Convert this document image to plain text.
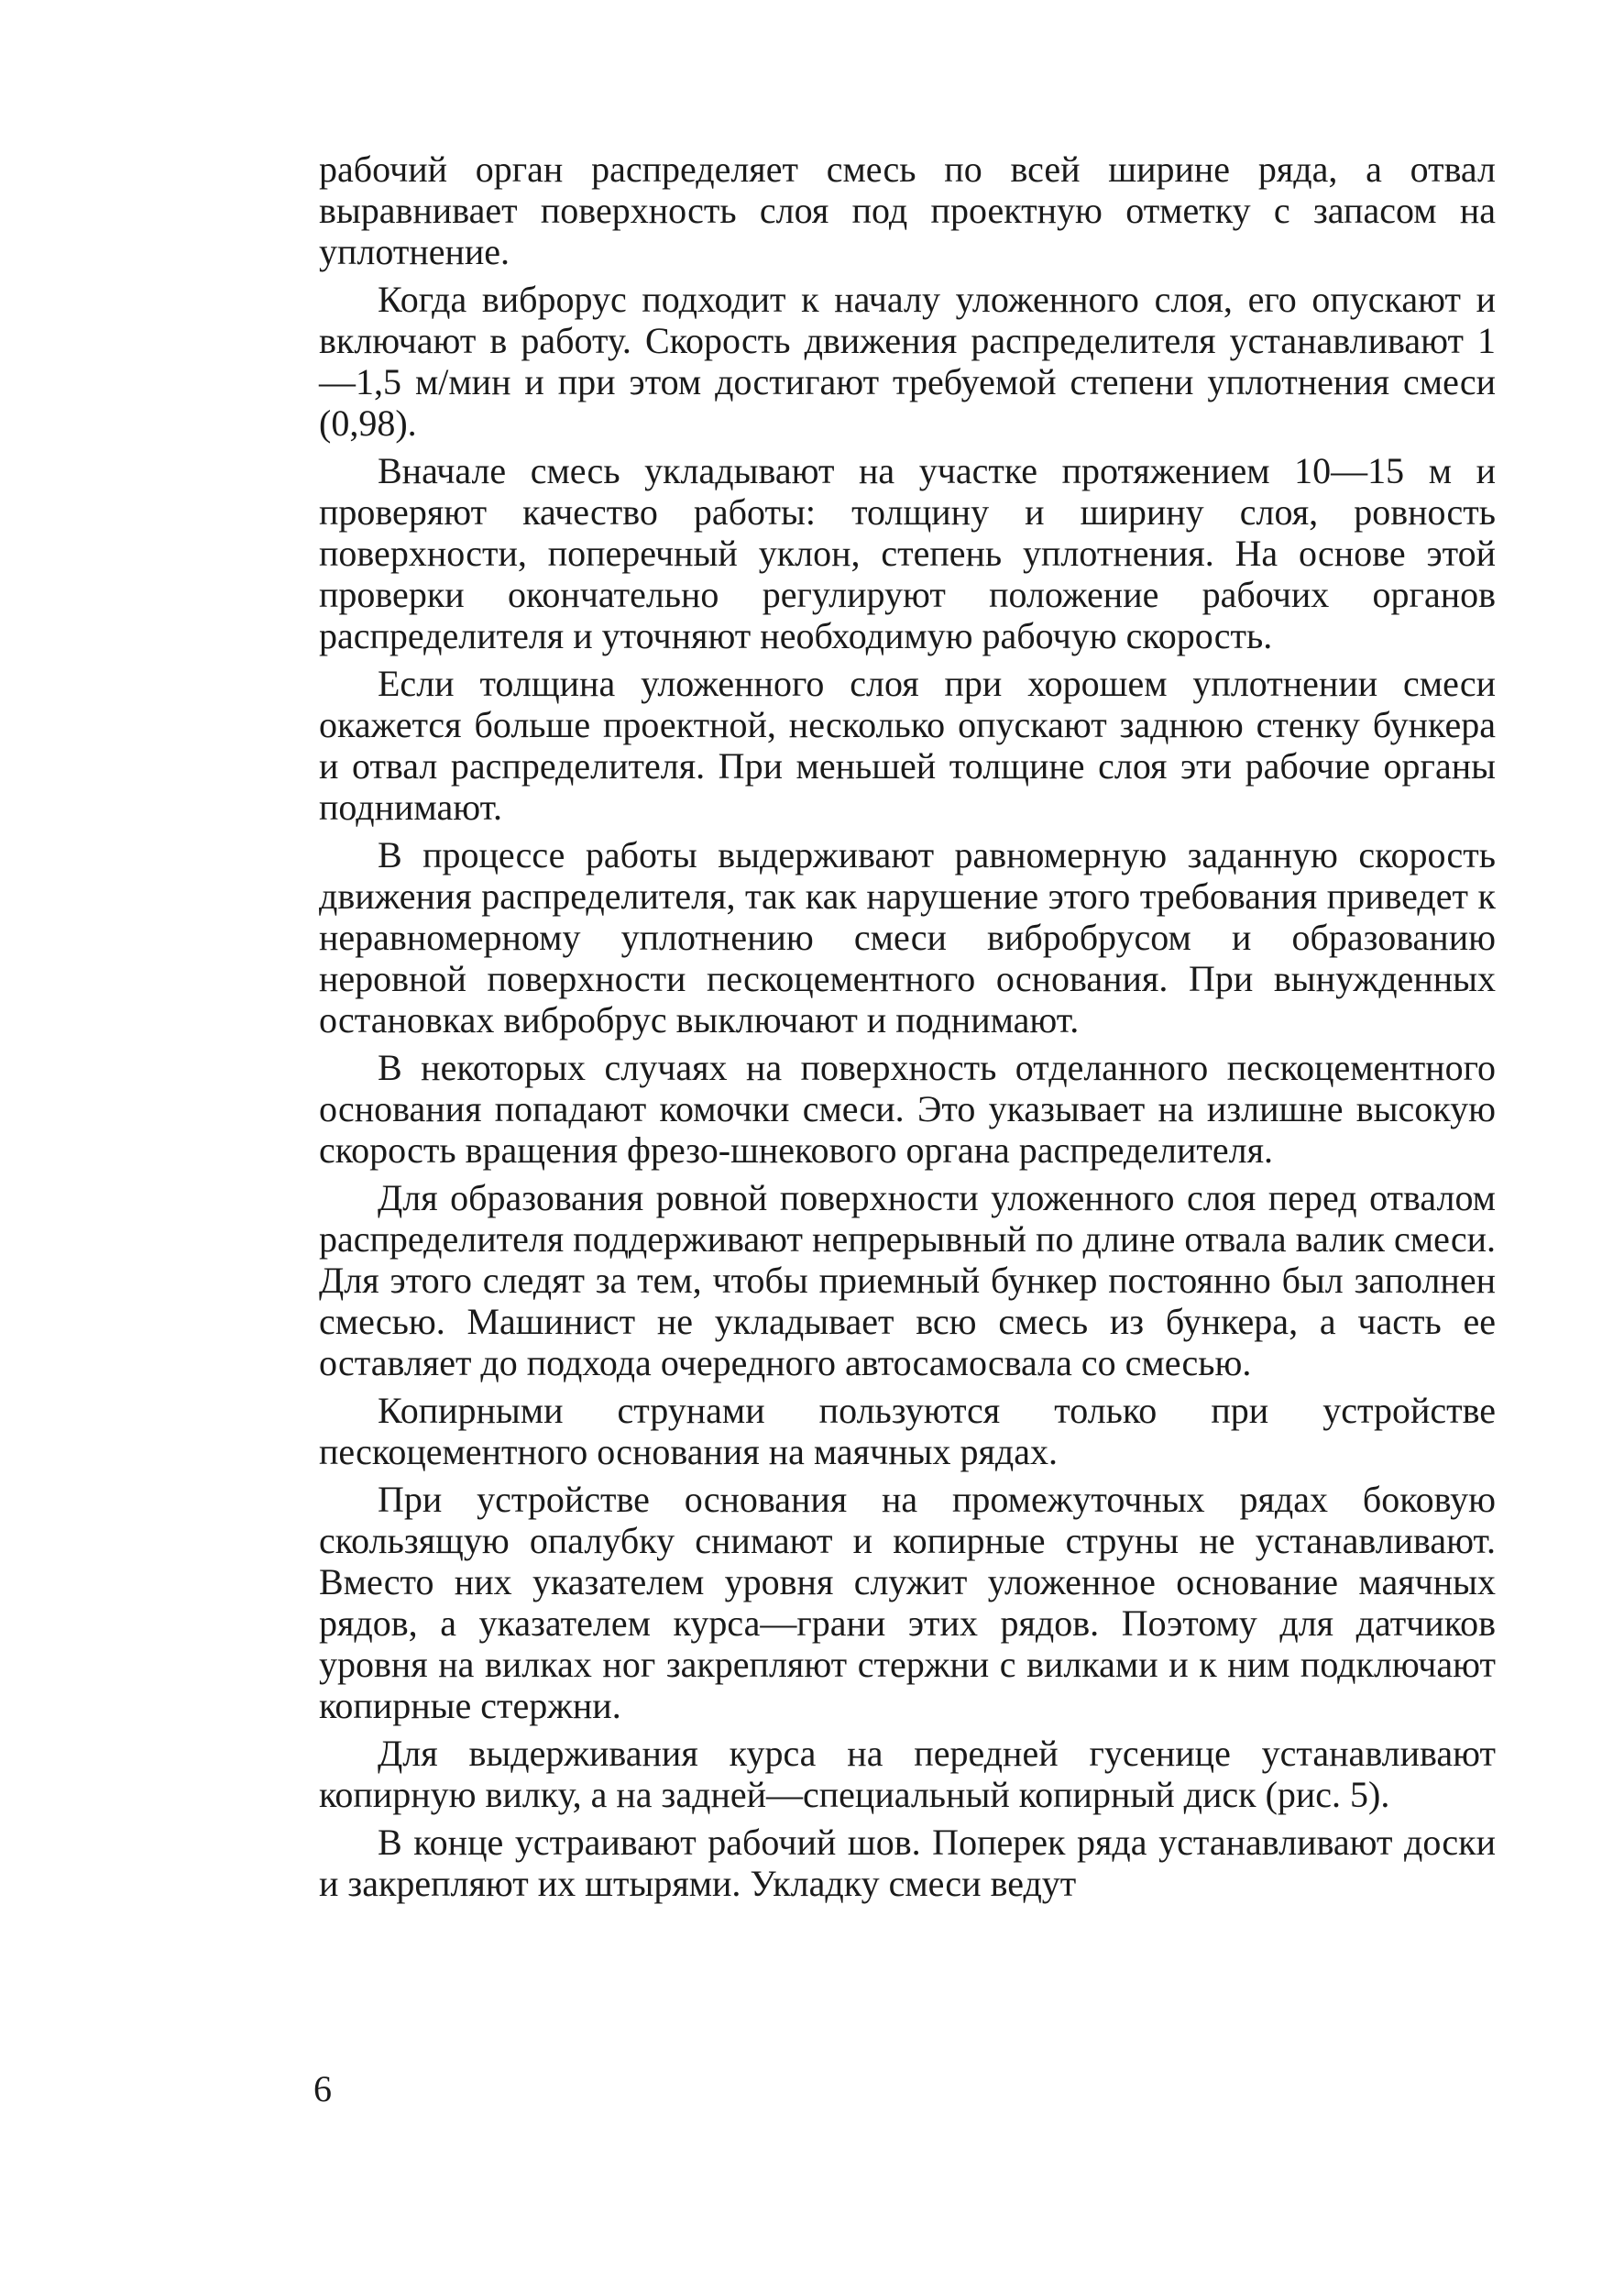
рабочий орган распределяет смесь по всей ширине ряда, а отвал выравнивает поверхность слоя под проектную отметку с запасом на уплотнение.

Когда виброрус подходит к началу уложенного слоя, его опускают и включают в работу. Скорость движения распределителя устанавливают 1—1,5 м/мин и при этом достигают требуемой степени уплотнения смеси (0,98).

Вначале смесь укладывают на участке протяжением 10—15 м и проверяют качество работы: толщину и ширину слоя, ровность поверхности, поперечный уклон, степень уплотнения. На основе этой проверки окончательно регулируют положение рабочих органов распределителя и уточняют необходимую рабочую скорость.

Если толщина уложенного слоя при хорошем уплотнении смеси окажется больше проектной, несколько опускают заднюю стенку бункера и отвал распределителя. При меньшей толщине слоя эти рабочие органы поднимают.

В процессе работы выдерживают равномерную заданную скорость движения распределителя, так как нарушение этого требования приведет к неравномерному уплотнению смеси вибробрусом и образованию неровной поверхности пескоцементного основания. При вынужденных остановках вибробрус выключают и поднимают.

В некоторых случаях на поверхность отделанного пескоцементного основания попадают комочки смеси. Это указывает на излишне высокую скорость вращения фрезо-шнекового органа распределителя.

Для образования ровной поверхности уложенного слоя перед отвалом распределителя поддерживают непрерывный по длине отвала валик смеси. Для этого следят за тем, чтобы приемный бункер постоянно был заполнен смесью. Машинист не укладывает всю смесь из бункера, а часть ее оставляет до подхода очередного автосамосвала со смесью.

Копирными струнами пользуются только при устройстве пескоцементного основания на маячных рядах.

При устройстве основания на промежуточных рядах боковую скользящую опалубку снимают и копирные струны не устанавливают. Вместо них указателем уровня служит уложенное основание маячных рядов, а указателем курса—грани этих рядов. Поэтому для датчиков уровня на вилках ног закрепляют стержни с вилками и к ним подключают копирные стержни.

Для выдерживания курса на передней гусенице устанавливают копирную вилку, а на задней—специальный копирный диск (рис. 5).

В конце устраивают рабочий шов. Поперек ряда устанавливают доски и закрепляют их штырями. Укладку смеси ведут

6
